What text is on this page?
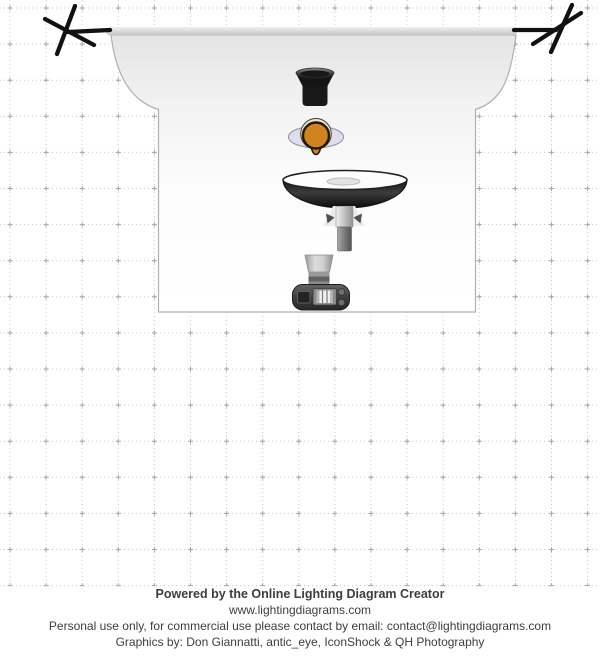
Powered by the Online Lighting Diagram Creator
www.lightingdiagrams.com
Personal use only, for commercial use please contact by email: contact@lightingdiagrams.com
Graphics by: Don Giannatti, antic_eye, IconShock & QH Photography
